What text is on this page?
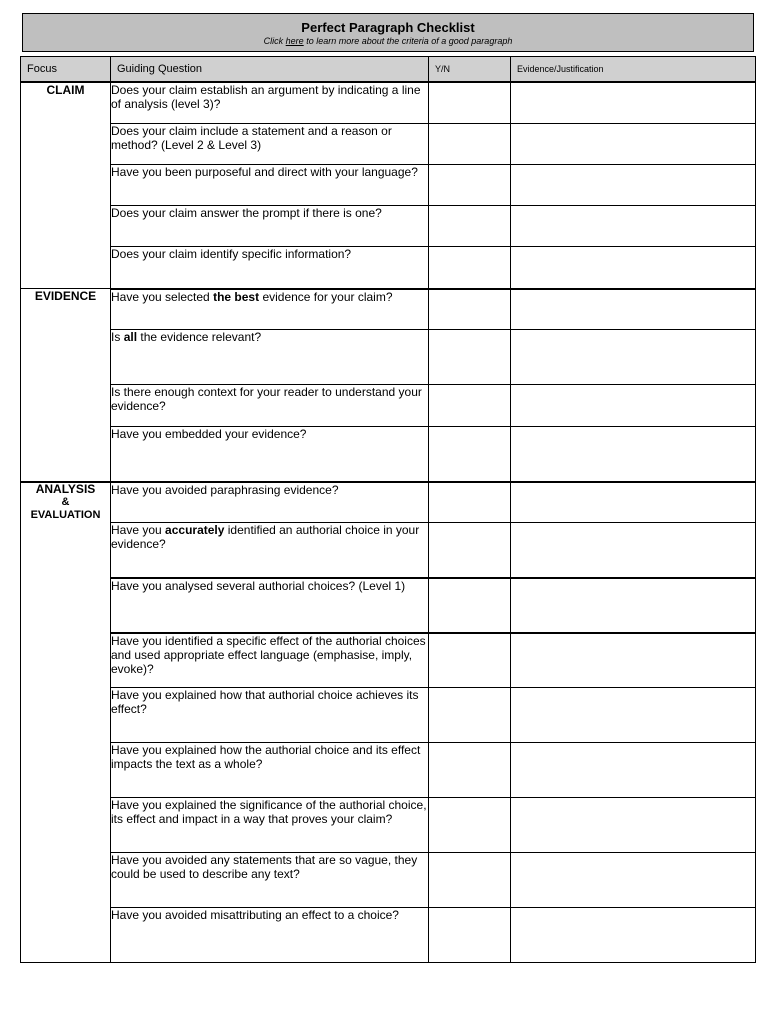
Perfect Paragraph Checklist
Click here to learn more about the criteria of a good paragraph
Focus	Guiding Question	Y/N	Evidence/Justification
CLAIM	Does your claim establish an argument by indicating a line of analysis (level 3)?		
	Does your claim include a statement and a reason or method? (Level 2 & Level 3)		
	Have you been purposeful and direct with your language?		
	Does your claim answer the prompt if there is one?		
	Does your claim identify specific information?		
EVIDENCE	Have you selected the best evidence for your claim?		
	Is all the evidence relevant?		
	Is there enough context for your reader to understand your evidence?		
	Have you embedded your evidence?		

ANALYSIS
&
EVALUATION	Have you avoided paraphrasing evidence?		
	Have you accurately identified an authorial choice in your evidence?		
	Have you analysed several authorial choices? (Level 1)		
	Have you identified a specific effect of the authorial choices and used appropriate effect language (emphasise, imply, evoke)?		
	Have you explained how that authorial choice achieves its effect?		
	Have you explained how the authorial choice and its effect impacts the text as a whole?		
	Have you explained the significance of the authorial choice, its effect and impact in a way that proves your claim?		
	Have you avoided any statements that are so vague, they could be used to describe any text?		
	Have you avoided misattributing an effect to a choice?		
